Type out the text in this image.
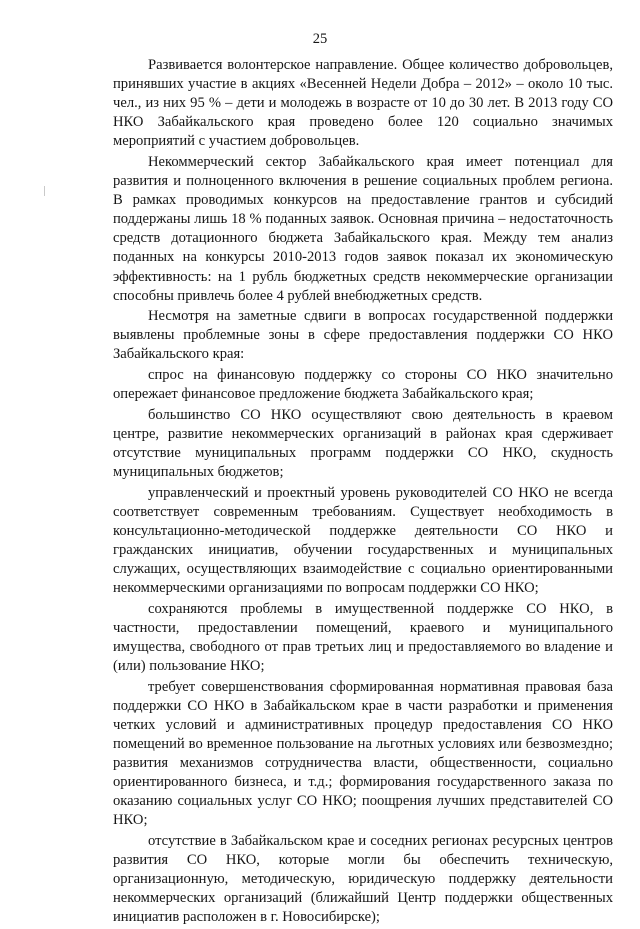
25

Развивается волонтерское направление. Общее количество добровольцев, принявших участие в акциях «Весенней Недели Добра – 2012» – около 10 тыс. чел., из них 95 % – дети и молодежь в возрасте от 10 до 30 лет. В 2013 году СО НКО Забайкальского края проведено более 120 социально значимых мероприятий с участием добровольцев.

Некоммерческий сектор Забайкальского края имеет потенциал для развития и полноценного включения в решение социальных проблем региона. В рамках проводимых конкурсов на предоставление грантов и субсидий поддержаны лишь 18 % поданных заявок. Основная причина – недостаточность средств дотационного бюджета Забайкальского края. Между тем анализ поданных на конкурсы 2010-2013 годов заявок показал их экономическую эффективность: на 1 рубль бюджетных средств некоммерческие организации способны привлечь более 4 рублей внебюджетных средств.

Несмотря на заметные сдвиги в вопросах государственной поддержки выявлены проблемные зоны в сфере предоставления поддержки СО НКО Забайкальского края:

спрос на финансовую поддержку со стороны СО НКО значительно опережает финансовое предложение бюджета Забайкальского края;
большинство СО НКО осуществляют свою деятельность в краевом центре, развитие некоммерческих организаций в районах края сдерживает отсутствие муниципальных программ поддержки СО НКО, скудность муниципальных бюджетов;
управленческий и проектный уровень руководителей СО НКО не всегда соответствует современным требованиям. Существует необходимость в консультационно-методической поддержке деятельности СО НКО и гражданских инициатив, обучении государственных и муниципальных служащих, осуществляющих взаимодействие с социально ориентированными некоммерческими организациями по вопросам поддержки СО НКО;
сохраняются проблемы в имущественной поддержке СО НКО, в частности, предоставлении помещений, краевого и муниципального имущества, свободного от прав третьих лиц и предоставляемого во владение и (или) пользование НКО;
требует совершенствования сформированная нормативная правовая база поддержки СО НКО в Забайкальском крае в части разработки и применения четких условий и административных процедур предоставления СО НКО помещений во временное пользование на льготных условиях или безвозмездно; развития механизмов сотрудничества власти, общественности, социально ориентированного бизнеса, и т.д.; формирования государственного заказа по оказанию социальных услуг СО НКО; поощрения лучших представителей СО НКО;
отсутствие в Забайкальском крае и соседних регионах ресурсных центров развития СО НКО, которые могли бы обеспечить техническую, организационную, методическую, юридическую поддержку деятельности некоммерческих организаций (ближайший Центр поддержки общественных инициатив расположен в г. Новосибирске);
